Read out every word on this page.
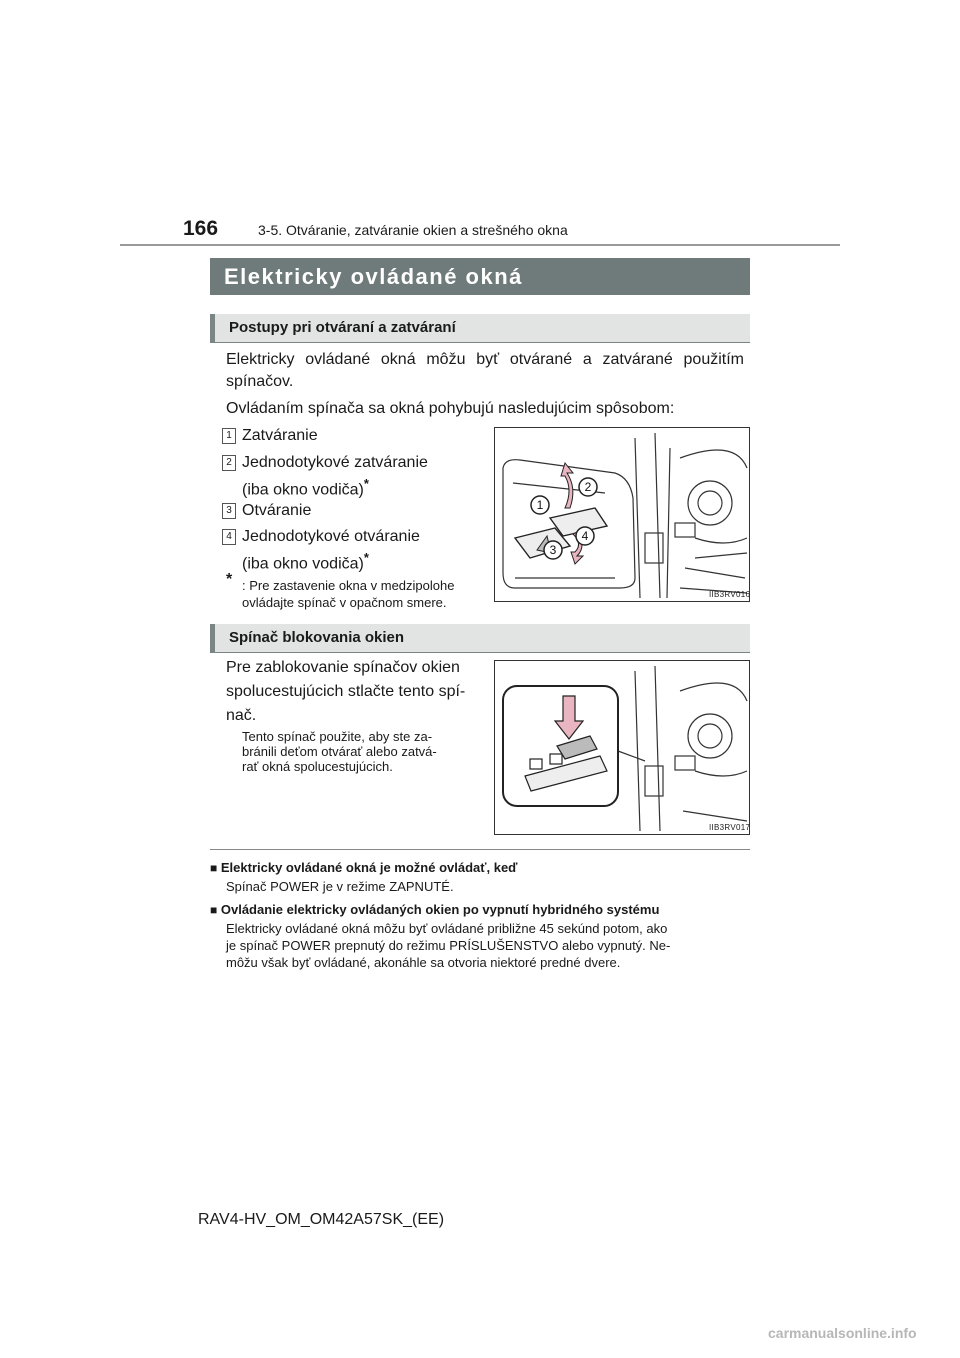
166	3-5. Otváranie, zatváranie okien a strešného okna
Elektricky ovládané okná
Postupy pri otváraní a zatváraní
Elektricky ovládané okná môžu byť otvárané a zatvárané použitím spínačov.
Ovládaním spínača sa okná pohybujú nasledujúcim spôsobom:
1 Zatváranie
2 Jednodotykové zatváranie
(iba okno vodiča)*
3 Otváranie
4 Jednodotykové otváranie
(iba okno vodiča)*
* : Pre zastavenie okna v medzipolohe
ovládajte spínač v opačnom smere.
1
2
3
4
IIB3RV016
Spínač blokovania okien
Pre zablokovanie spínačov okien
spolucestujúcich stlačte tento spí-
nač.
Tento spínač použite, aby ste za-
bránili deťom otvárať alebo zatvá-
rať okná spolucestujúcich.
IIB3RV017
■ Elektricky ovládané okná je možné ovládať, keď
Spínač POWER je v režime ZAPNUTÉ.
■ Ovládanie elektricky ovládaných okien po vypnutí hybridného systému
Elektricky ovládané okná môžu byť ovládané približne 45 sekúnd potom, ako
je spínač POWER prepnutý do režimu PRÍSLUŠENSTVO alebo vypnutý. Ne-
môžu však byť ovládané, akonáhle sa otvoria niektoré predné dvere.
RAV4-HV_OM_OM42A57SK_(EE)
carmanualsonline.info
